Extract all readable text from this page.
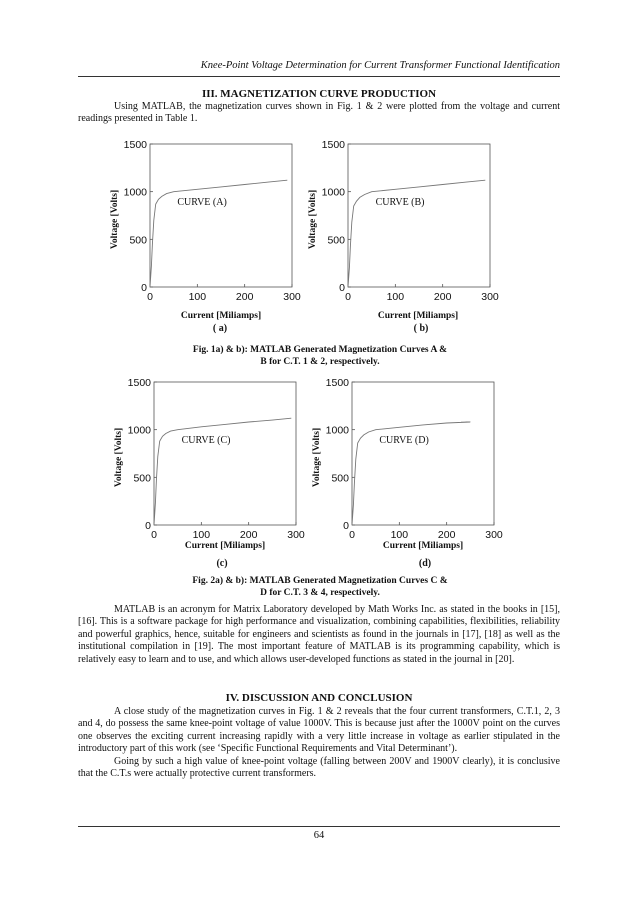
Knee-Point Voltage Determination for Current Transformer Functional Identification
III. MAGNETIZATION CURVE PRODUCTION

Using MATLAB, the magnetization curves shown in Fig. 1 & 2 were plotted from the voltage and current readings presented in Table 1.

0	100	200	300
0
500
1000
1500
Voltage [Volts]	CURVE (A)
0	100	200	300
0
500
1000
1500
Voltage [Volts]	CURVE (B)
Current [Miliamps]	Current [Miliamps]
( a)	( b)
Fig. 1a) & b): MATLAB Generated Magnetization Curves A &
B for C.T. 1 & 2, respectively.
0	100	200	300
0
500
1000
1500
Voltage [Volts]	CURVE (C)
0	100	200	300
0
500
1000
1500
Voltage [Volts]	CURVE (D)
Current [Miliamps]	Current [Miliamps]
(c)	(d)
Fig. 2a) & b): MATLAB Generated Magnetization Curves C &
D for C.T. 3 & 4, respectively.

MATLAB is an acronym for Matrix Laboratory developed by Math Works Inc. as stated in the books in [15], [16]. This is a software package for high performance and visualization, combining capabilities, flexibilities, reliability and powerful graphics, hence, suitable for engineers and scientists as found in the journals in [17], [18] as well as the institutional compilation in [19]. The most important feature of MATLAB is its programming capability, which is relatively easy to learn and to use, and which allows user-developed functions as stated in the journal in [20].

IV. DISCUSSION AND CONCLUSION

A close study of the magnetization curves in Fig. 1 & 2 reveals that the four current transformers, C.T.1, 2, 3 and 4, do possess the same knee-point voltage of value 1000V. This is because just after the 1000V point on the curves one observes the exciting current increasing rapidly with a very little increase in voltage as earlier stipulated in the introductory part of this work (see ‘Specific Functional Requirements and Vital Determinant’).

Going by such a high value of knee-point voltage (falling between 200V and 1900V clearly), it is conclusive that the C.T.s were actually protective current transformers.

64
